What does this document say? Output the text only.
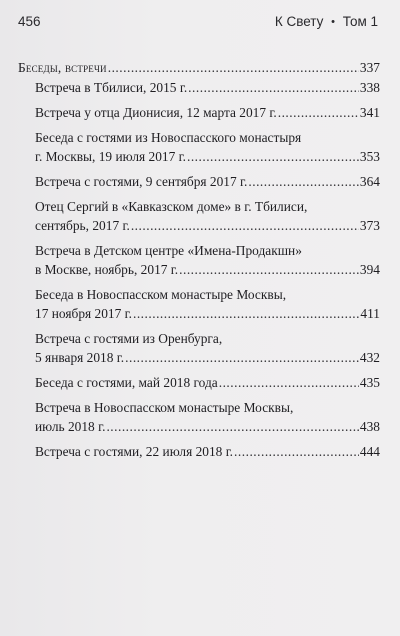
456	К Свету • Том 1
Беседы, встречи .....	337
Встреча в Тбилиси, 2015 г. .....	338
Встреча у отца Дионисия, 12 марта 2017 г. .....	341
Беседа с гостями из Новоспасского монастыря
г. Москвы, 19 июля 2017 г. .....	353
Встреча с гостями, 9 сентября 2017 г. .....	364
Отец Сергий в «Кавказском доме» в г. Тбилиси,
сентябрь, 2017 г. .....	373
Встреча в Детском центре «Имена-Продакшн»
в Москве, ноябрь, 2017 г. .....	394
Беседа в Новоспасском монастыре Москвы,
17 ноября 2017 г. .....	411
Встреча с гостями из Оренбурга,
5 января 2018 г. .....	432
Беседа с гостями, май 2018 года .....	435
Встреча в Новоспасском монастыре Москвы,
июль 2018 г. .....	438
Встреча с гостями, 22 июля 2018 г. .....	444
